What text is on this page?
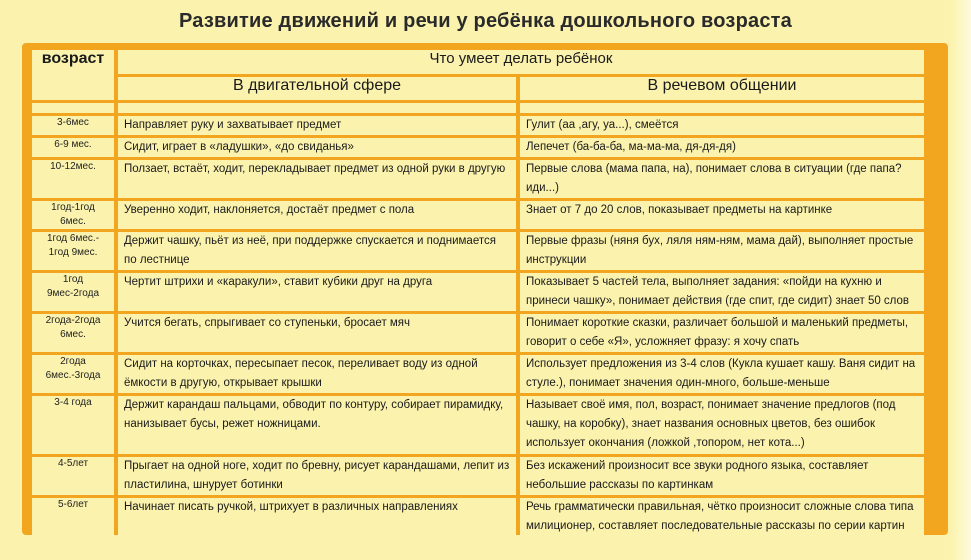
Развитие движений и речи у ребёнка дошкольного возраста
возраст	Что умеет делать ребёнок	
	В двигательной сфере	В речевом общении

3-6мес	Направляет руку и захватывает предмет	Гулит (аа ,агу, уа...), смеётся
6-9 мес.	Сидит, играет в «ладушки», «до свиданья»	Лепечет (ба-ба-ба, ма-ма-ма, дя-дя-дя)
10-12мес.	Ползает, встаёт, ходит, перекладывает предмет из одной руки в другую	Первые слова (мама папа, на), понимает слова в ситуации (где папа? иди...)
1год-1год 6мес.	Уверенно ходит, наклоняется, достаёт предмет с пола	Знает от 7 до 20 слов, показывает предметы на картинке
1год 6мес.- 1год 9мес.	Держит чашку, пьёт из неё, при поддержке спускается и поднимается по лестнице	Первые фразы (няня бух, ляля ням-ням, мама дай), выполняет простые инструкции
1год 9мес-2года	Чертит штрихи и «каракули», ставит кубики друг на друга	Показывает 5 частей тела, выполняет задания: «пойди на кухню и принеси чашку», понимает действия (где спит, где сидит) знает 50 слов
2года-2года 6мес.	Учится бегать, спрыгивает со ступеньки, бросает мяч	Понимает короткие сказки, различает большой и маленький предметы, говорит о себе «Я», усложняет фразу: я хочу спать
2года 6мес.-3года	Сидит на корточках, пересыпает песок, переливает воду из одной ёмкости в другую, открывает крышки	Использует предложения из 3-4 слов (Кукла кушает кашу. Ваня сидит на стуле.), понимает значения один-много, больше-меньше
3-4 года	Держит карандаш пальцами, обводит по контуру, собирает пирамидку, нанизывает бусы, режет ножницами.	Называет своё имя, пол, возраст, понимает значение предлогов (под чашку, на коробку), знает названия основных цветов, без ошибок использует окончания (ложкой ,топором, нет кота...)
4-5лет	Прыгает на одной ноге, ходит по бревну, рисует карандашами, лепит из пластилина, шнурует ботинки	Без искажений произносит все звуки родного языка, составляет небольшие рассказы по картинкам
5-6лет	Начинает писать ручкой, штрихует в различных направлениях	Речь грамматически правильная, чётко произносит сложные слова типа милиционер, составляет последовательные рассказы по серии картин
